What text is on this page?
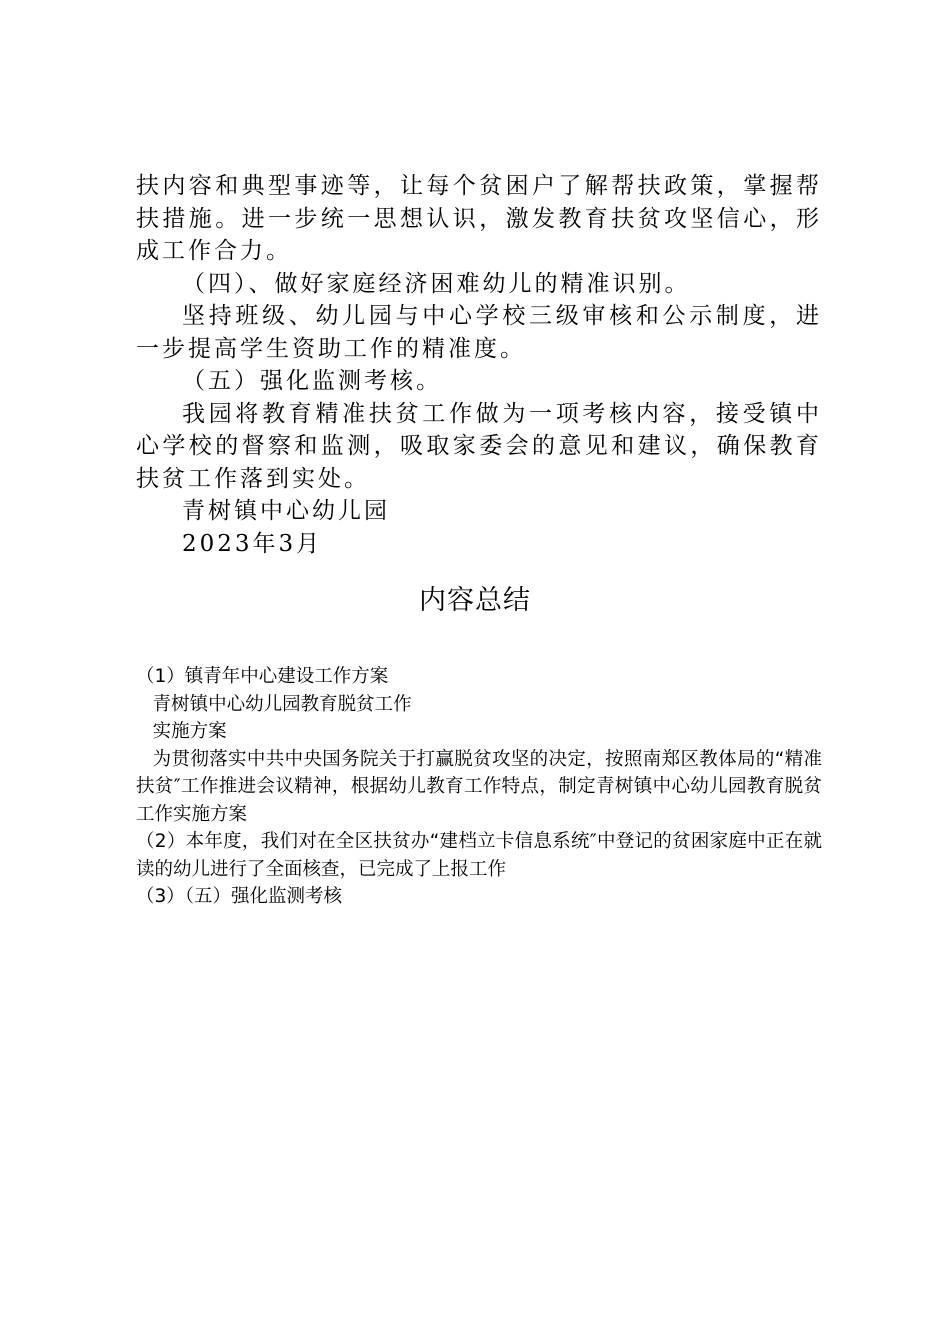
扶内容和典型事迹等，让每个贫困户了解帮扶政策，掌握帮扶措施。进一步统一思想认识，激发教育扶贫攻坚信心，形成工作合力。

（四）、做好家庭经济困难幼儿的精准识别。

坚持班级、幼儿园与中心学校三级审核和公示制度，进一步提高学生资助工作的精准度。

（五）强化监测考核。

我园将教育精准扶贫工作做为一项考核内容，接受镇中心学校的督察和监测，吸取家委会的意见和建议，确保教育扶贫工作落到实处。

青树镇中心幼儿园

2023年3月

内容总结

（1）镇青年中心建设工作方案

青树镇中心幼儿园教育脱贫工作

实施方案

为贯彻落实中共中央国务院关于打赢脱贫攻坚的决定，按照南郑区教体局的“精准扶贫″工作推进会议精神，根据幼儿教育工作特点，制定青树镇中心幼儿园教育脱贫工作实施方案

（2）本年度，我们对在全区扶贫办“建档立卡信息系统″中登记的贫困家庭中正在就读的幼儿进行了全面核查，已完成了上报工作

（3）（五）强化监测考核
